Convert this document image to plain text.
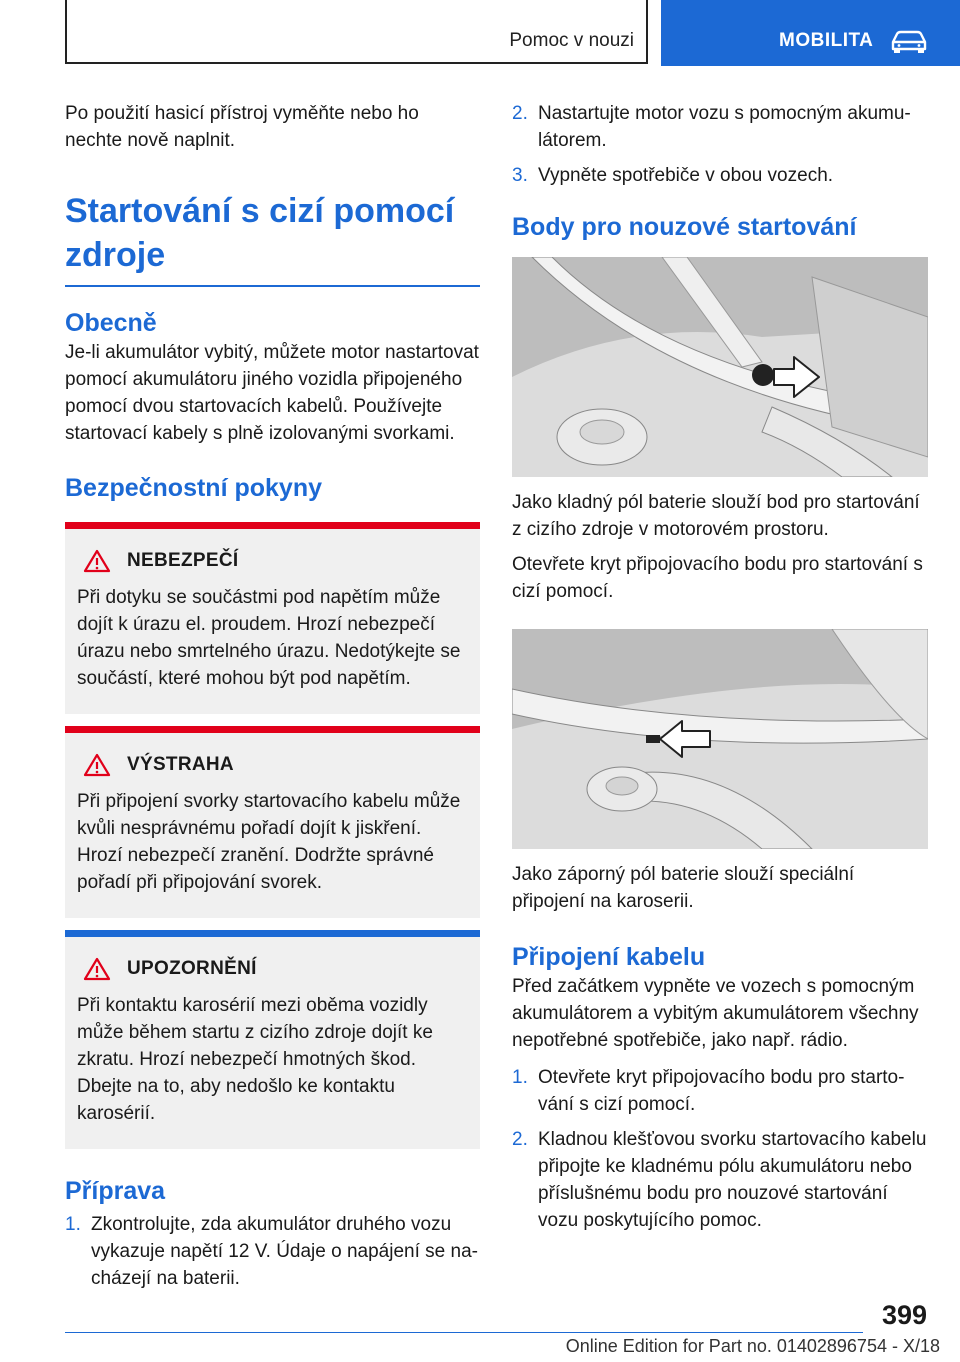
Pomoc v nouzi	MOBILITA

Po použití hasicí přístroj vyměňte nebo ho nechte nově naplnit.

Startování s cizí pomocí
zdroje
Obecně

Je-li akumulátor vybitý, můžete motor nastartovat pomocí akumulátoru jiného vozidla připojeného pomocí dvou startovacích kabelů. Používejte startovací kabely s plně izolovanými svorkami.

Bezpečnostní pokyny
NEBEZPEČÍ

Při dotyku se součástmi pod napětím může dojít k úrazu el. proudem. Hrozí nebezpečí úrazu nebo smrtelného úrazu. Nedotýkejte se součástí, které mohou být pod napětím.

VÝSTRAHA

Při připojení svorky startovacího kabelu může kvůli nesprávnému pořadí dojít k jiskření. Hrozí nebezpečí zranění. Dodržte správné pořadí při připojování svorek.

UPOZORNĚNÍ

Při kontaktu karosérií mezi oběma vozidly může během startu z cizího zdroje dojít ke zkratu. Hrozí nebezpečí hmotných škod. Dbejte na to, aby nedošlo ke kontaktu karosérií.

Příprava
1. Zkontrolujte, zda akumulátor druhého vozu vykazuje napětí 12 V. Údaje o napájení se nacházejí na baterii.
2. Nastartujte motor vozu s pomocným akumulátorem.
3. Vypněte spotřebiče v obou vozech.
Body pro nouzové startování

Jako kladný pól baterie slouží bod pro startování z cizího zdroje v motorovém prostoru.

Otevřete kryt připojovacího bodu pro startování s cizí pomocí.

Jako záporný pól baterie slouží speciální připojení na karoserii.

Připojení kabelu

Před začátkem vypněte ve vozech s pomocným akumulátorem a vybitým akumulátorem všechny nepotřebné spotřebiče, jako např. rádio.

1. Otevřete kryt připojovacího bodu pro startování s cizí pomocí.
2. Kladnou klešťovou svorku startovacího kabelu připojte ke kladnému pólu akumulátoru nebo příslušnému bodu pro nouzové startování vozu poskytujícího pomoc.
399
Online Edition for Part no. 01402896754 - X/18
